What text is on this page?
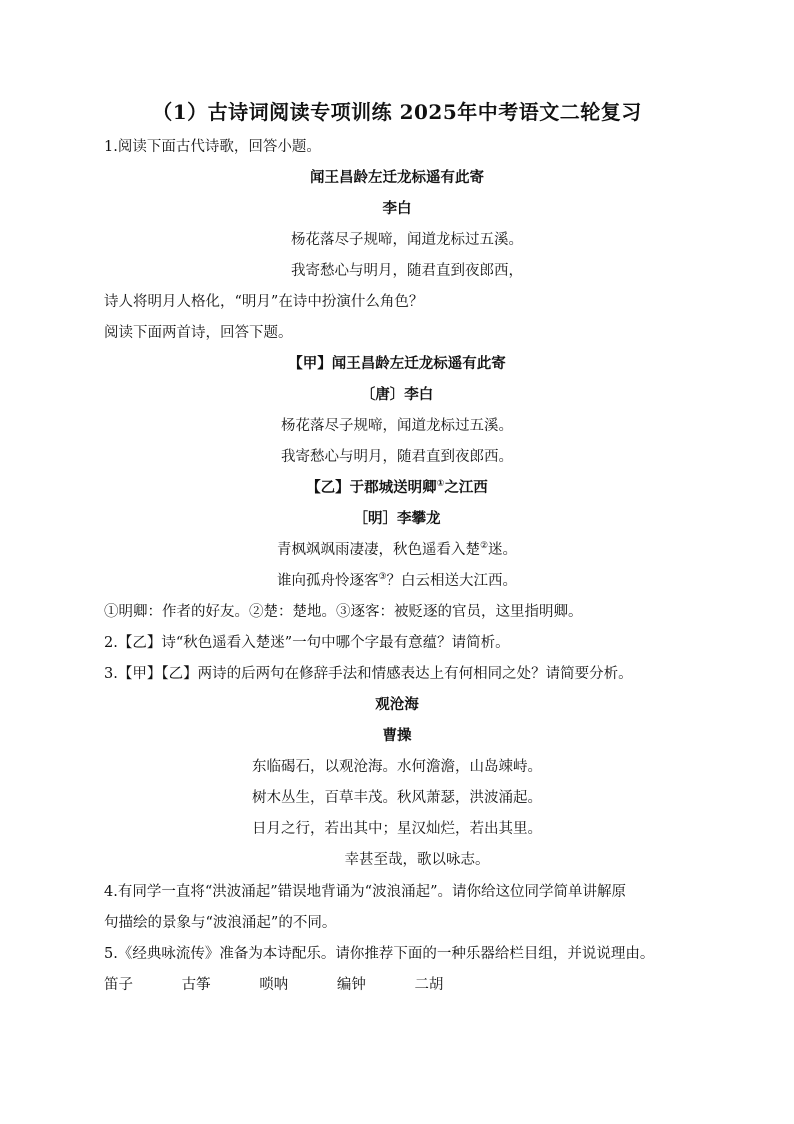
（1）古诗词阅读专项训练 2025年中考语文二轮复习
1.阅读下面古代诗歌，回答小题。
闻王昌龄左迁龙标遥有此寄
李白
杨花落尽子规啼，闻道龙标过五溪。
我寄愁心与明月，随君直到夜郎西，
诗人将明月人格化，“明月”在诗中扮演什么角色？
阅读下面两首诗，回答下题。
【甲】闻王昌龄左迁龙标遥有此寄
〔唐〕李白
杨花落尽子规啼，闻道龙标过五溪。
我寄愁心与明月，随君直到夜郎西。
【乙】于郡城送明卿①之江西
［明］李攀龙
青枫飒飒雨凄凄，秋色遥看入楚②迷。
谁向孤舟怜逐客③？白云相送大江西。
①明卿：作者的好友。②楚：楚地。③逐客：被贬逐的官员，这里指明卿。
2.【乙】诗“秋色遥看入楚迷”一句中哪个字最有意蕴？请简析。
3.【甲】【乙】两诗的后两句在修辞手法和情感表达上有何相同之处？请简要分析。
观沧海
曹操
东临碣石，以观沧海。水何澹澹，山岛竦峙。
树木丛生，百草丰茂。秋风萧瑟，洪波涌起。
日月之行，若出其中；星汉灿烂，若出其里。
幸甚至哉，歌以咏志。
4.有同学一直将“洪波涌起”错误地背诵为“波浪涌起”。请你给这位同学简单讲解原
句描绘的景象与“波浪涌起”的不同。
5.《经典咏流传》准备为本诗配乐。请你推荐下面的一种乐器给栏目组，并说说理由。
笛子	古筝	唢呐	编钟	二胡
